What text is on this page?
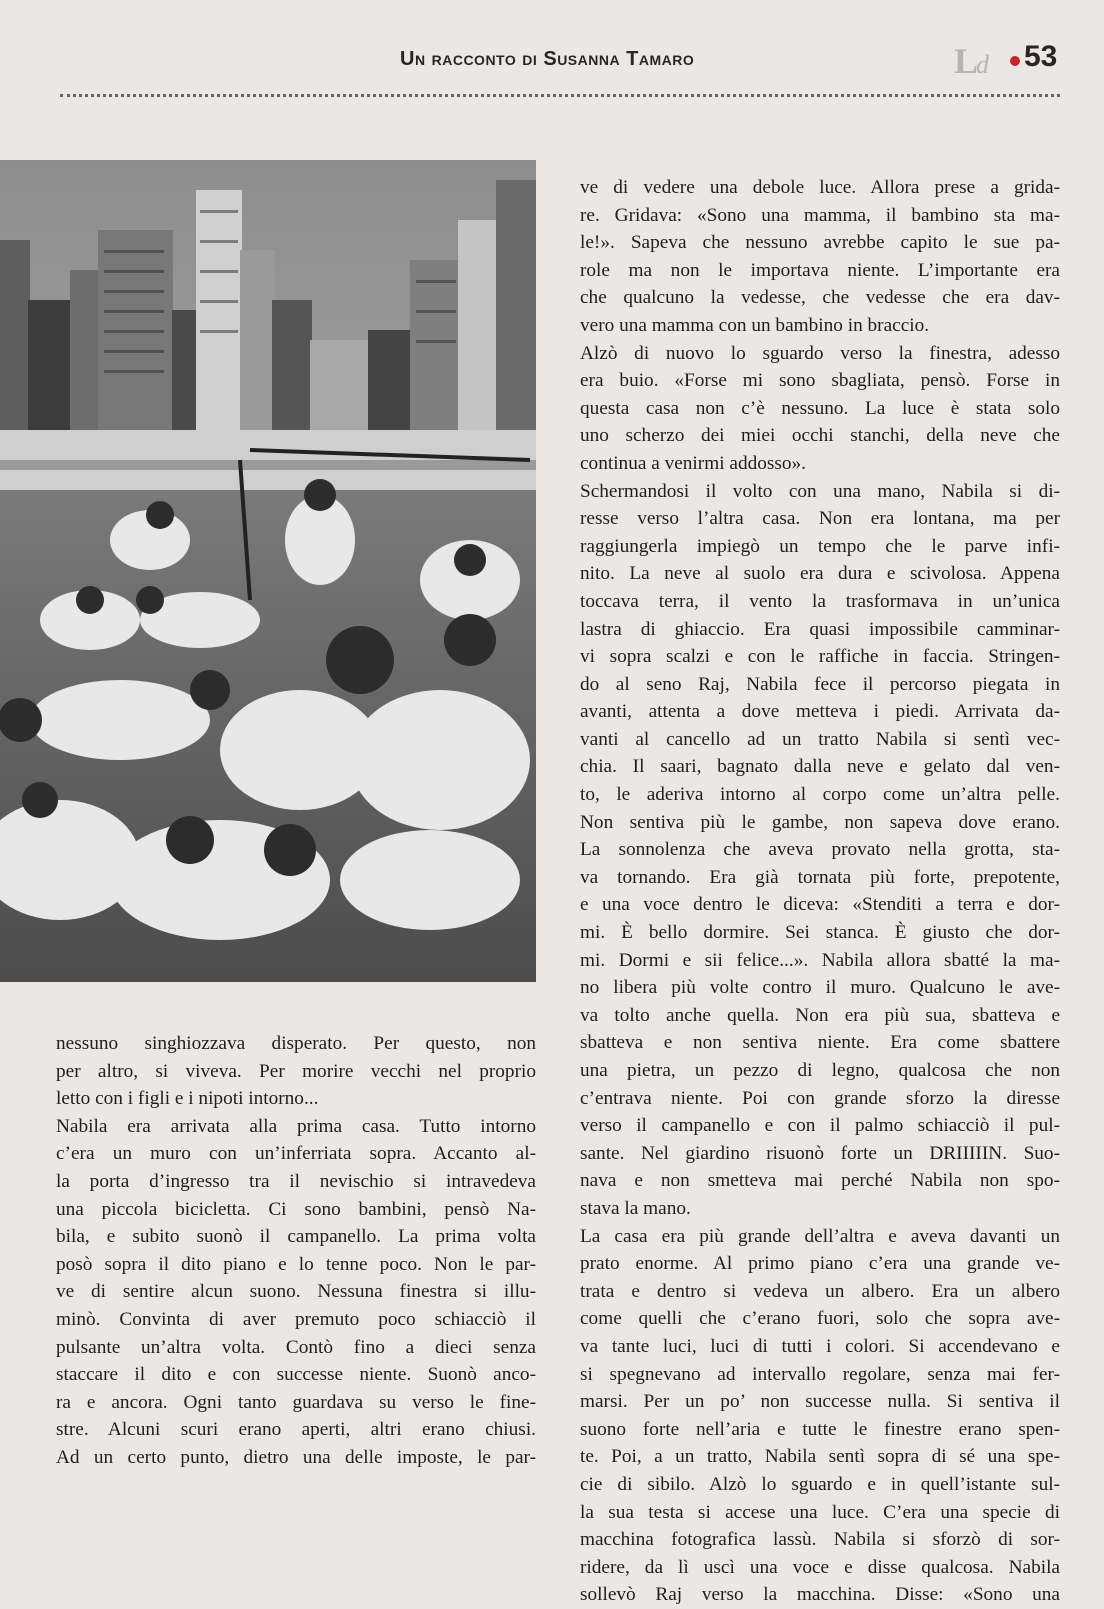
Un racconto di Susanna Tamaro	Ld 53

ve di vedere una debole luce. Allora prese a grida-

re. Gridava: «Sono una mamma, il bambino sta ma-

le!». Sapeva che nessuno avrebbe capito le sue pa-

role ma non le importava niente. L’importante era

che qualcuno la vedesse, che vedesse che era dav-

vero una mamma con un bambino in braccio.

Alzò di nuovo lo sguardo verso la finestra, adesso

era buio. «Forse mi sono sbagliata, pensò. Forse in

questa casa non c’è nessuno. La luce è stata solo

uno scherzo dei miei occhi stanchi, della neve che

continua a venirmi addosso».

Schermandosi il volto con una mano, Nabila si di-

resse verso l’altra casa. Non era lontana, ma per

raggiungerla impiegò un tempo che le parve infi-

nito. La neve al suolo era dura e scivolosa. Appena

toccava terra, il vento la trasformava in un’unica

lastra di ghiaccio. Era quasi impossibile camminar-

vi sopra scalzi e con le raffiche in faccia. Stringen-

do al seno Raj, Nabila fece il percorso piegata in

avanti, attenta a dove metteva i piedi. Arrivata da-

vanti al cancello ad un tratto Nabila si sentì vec-

chia. Il saari, bagnato dalla neve e gelato dal ven-

to, le aderiva intorno al corpo come un’altra pelle.

Non sentiva più le gambe, non sapeva dove erano.

La sonnolenza che aveva provato nella grotta, sta-

va tornando. Era già tornata più forte, prepotente,

e una voce dentro le diceva: «Stenditi a terra e dor-

mi. È bello dormire. Sei stanca. È giusto che dor-

mi. Dormi e sii felice...». Nabila allora sbatté la ma-

no libera più volte contro il muro. Qualcuno le ave-

va tolto anche quella. Non era più sua, sbatteva e

sbatteva e non sentiva niente. Era come sbattere

una pietra, un pezzo di legno, qualcosa che non

c’entrava niente. Poi con grande sforzo la diresse

verso il campanello e con il palmo schiacciò il pul-

sante. Nel giardino risuonò forte un DRIIIIIN. Suo-

nava e non smetteva mai perché Nabila non spo-

stava la mano.

La casa era più grande dell’altra e aveva davanti un

prato enorme. Al primo piano c’era una grande ve-

trata e dentro si vedeva un albero. Era un albero

come quelli che c’erano fuori, solo che sopra ave-

va tante luci, luci di tutti i colori. Si accendevano e

si spegnevano ad intervallo regolare, senza mai fer-

marsi. Per un po’ non successe nulla. Si sentiva il

suono forte nell’aria e tutte le finestre erano spen-

te. Poi, a un tratto, Nabila sentì sopra di sé una spe-

cie di sibilo. Alzò lo sguardo e in quell’istante sul-

la sua testa si accese una luce. C’era una specie di

macchina fotografica lassù. Nabila si sforzò di sor-

ridere, da lì uscì una voce e disse qualcosa. Nabila

sollevò Raj verso la macchina. Disse: «Sono una

nessuno singhiozzava disperato. Per questo, non

per altro, si viveva. Per morire vecchi nel proprio

letto con i figli e i nipoti intorno...

Nabila era arrivata alla prima casa. Tutto intorno

c’era un muro con un’inferriata sopra. Accanto al-

la porta d’ingresso tra il nevischio si intravedeva

una piccola bicicletta. Ci sono bambini, pensò Na-

bila, e subito suonò il campanello. La prima volta

posò sopra il dito piano e lo tenne poco. Non le par-

ve di sentire alcun suono. Nessuna finestra si illu-

minò. Convinta di aver premuto poco schiacciò il

pulsante un’altra volta. Contò fino a dieci senza

staccare il dito e con successe niente. Suonò anco-

ra e ancora. Ogni tanto guardava su verso le fine-

stre. Alcuni scuri erano aperti, altri erano chiusi.

Ad un certo punto, dietro una delle imposte, le par-
